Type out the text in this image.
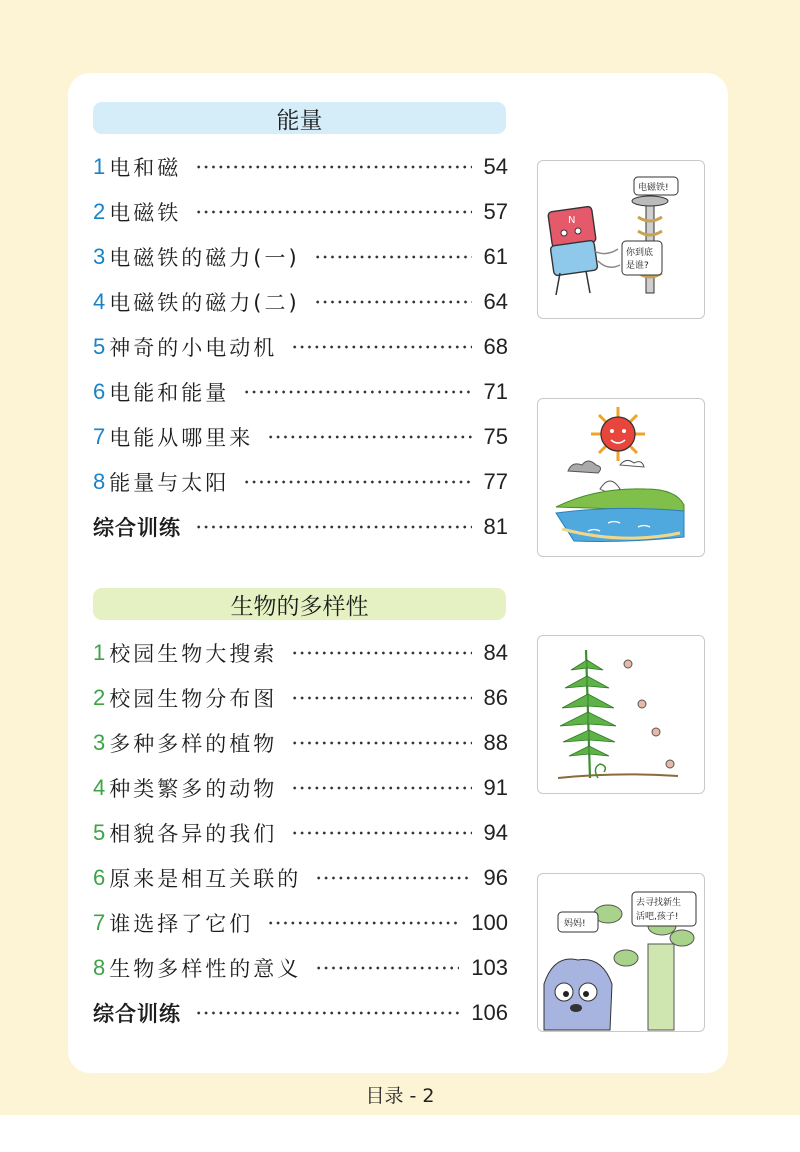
能量
1 电和磁	54
2 电磁铁	57
3 电磁铁的磁力(一)	61
4 电磁铁的磁力(二)	64
5 神奇的小电动机	68
6 电能和能量	71
7 电能从哪里来	75
8 能量与太阳	77
综合训练	81
生物的多样性
1 校园生物大搜索	84
2 校园生物分布图	86
3 多种多样的植物	88
4 种类繁多的动物	91
5 相貌各异的我们	94
6 原来是相互关联的	96
7 谁选择了它们	100
8 生物多样性的意义	103
综合训练	106
N
电磁铁!
你到底
是谁?
妈妈!
去寻找新生
活吧,孩子!
目录 - 2
